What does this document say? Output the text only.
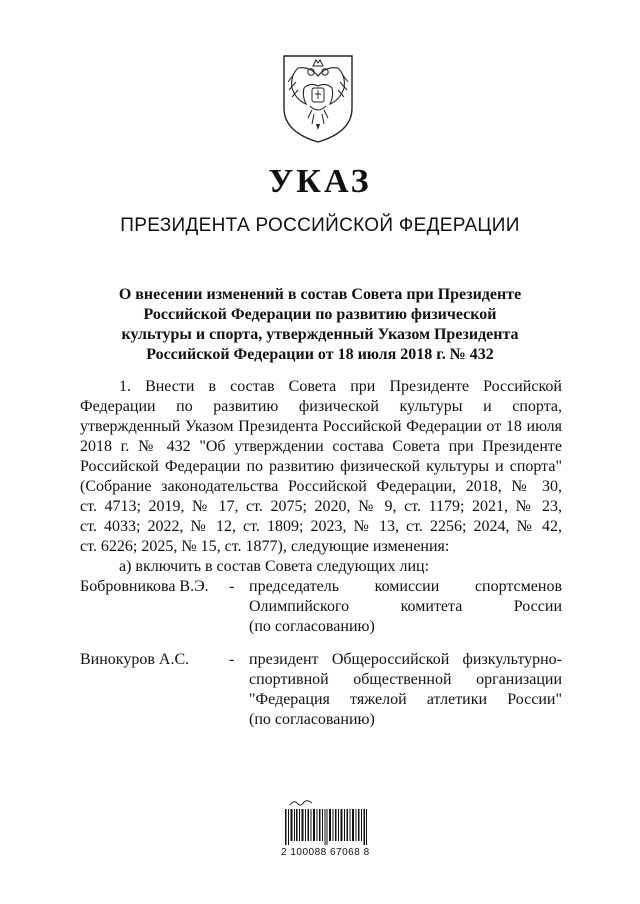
УКАЗ
ПРЕЗИДЕНТА РОССИЙСКОЙ ФЕДЕРАЦИИ
О внесении изменений в состав Совета при Президенте
Российской Федерации по развитию физической
культуры и спорта, утвержденный Указом Президента
Российской Федерации от 18 июля 2018 г. № 432
1. Внести в состав Совета при Президенте Российской
Федерации по развитию физической культуры и спорта,
утвержденный Указом Президента Российской Федерации от 18 июля
2018 г. № 432 "Об утверждении состава Совета при Президенте
Российской Федерации по развитию физической культуры и спорта"
(Собрание законодательства Российской Федерации, 2018, № 30,
ст. 4713; 2019, № 17, ст. 2075; 2020, № 9, ст. 1179; 2021, № 23,
ст. 4033; 2022, № 12, ст. 1809; 2023, № 13, ст. 2256; 2024, № 42,
ст. 6226; 2025, № 15, ст. 1877), следующие изменения:
а) включить в состав Совета следующих лиц:
Бобровникова В.Э. - председатель комиссии спортсменов
Олимпийского комитета России
(по согласованию)
Винокуров А.С. - президент Общероссийской физкультурно-
спортивной общественной организации
"Федерация тяжелой атлетики России"
(по согласованию)
2 100088 67068 8
